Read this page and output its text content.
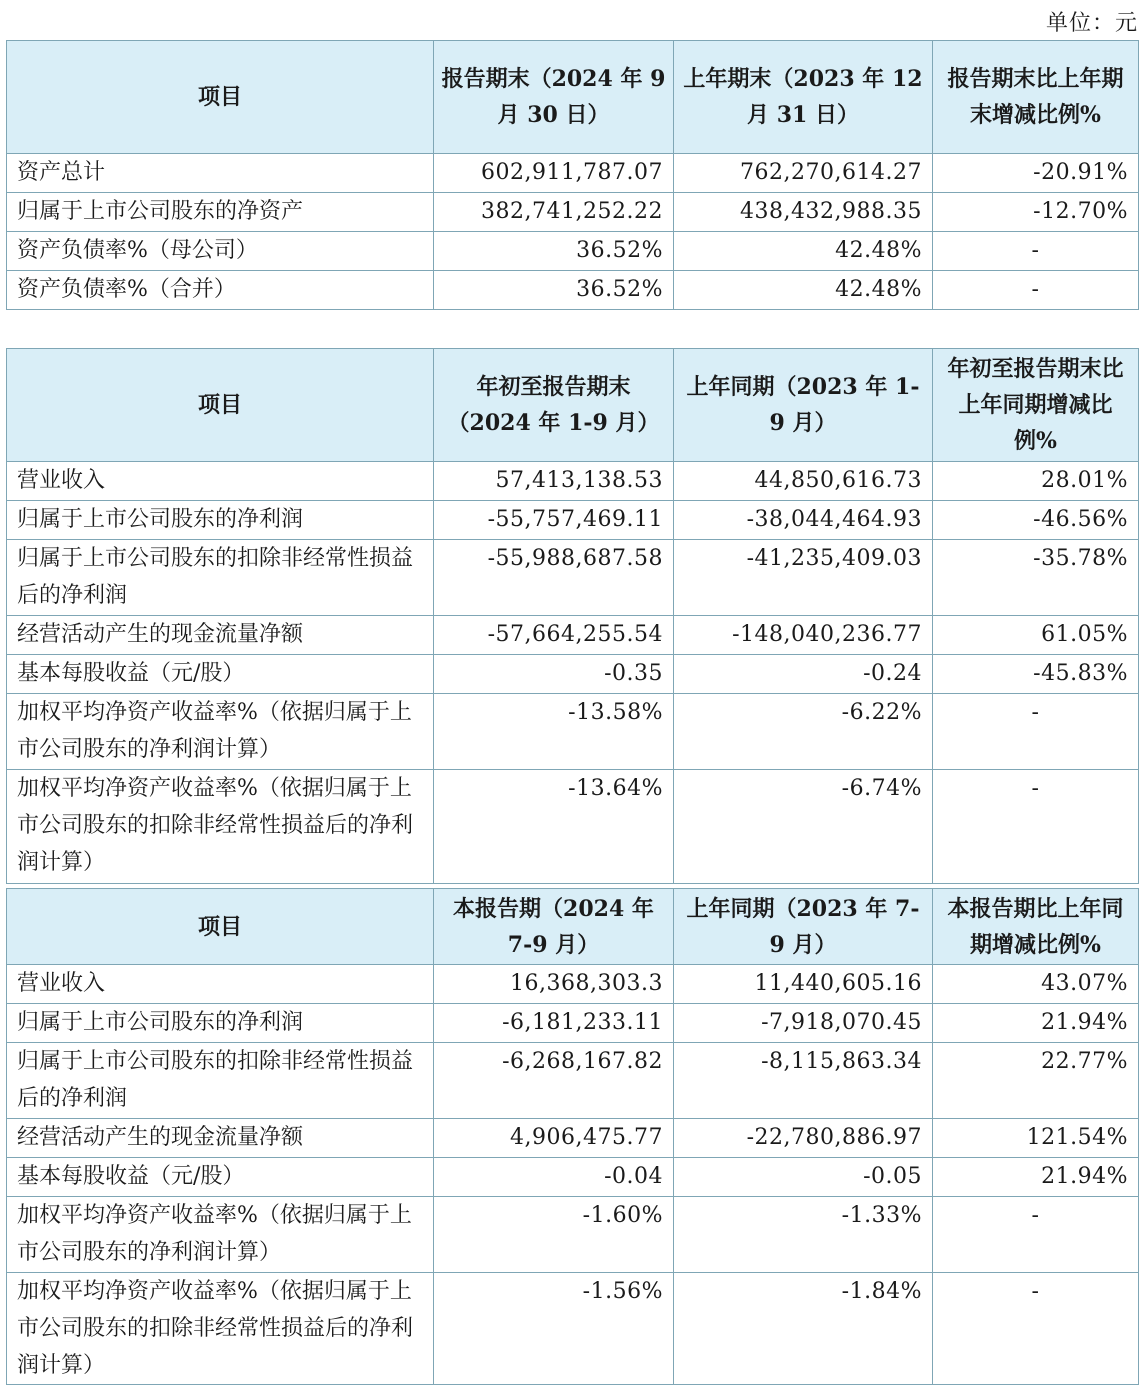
单位：元
项目	报告期末（2024 年 9 月 30 日）	上年期末（2023 年 12 月 31 日）	报告期末比上年期末增减比例%
资产总计	602,911,787.07	762,270,614.27	-20.91%
归属于上市公司股东的净资产	382,741,252.22	438,432,988.35	-12.70%
资产负债率%（母公司）	36.52%	42.48%	-
资产负债率%（合并）	36.52%	42.48%	-
项目	年初至报告期末（2024 年 1-9 月）	上年同期（2023 年 1-9 月）	年初至报告期末比上年同期增减比例%
营业收入	57,413,138.53	44,850,616.73	28.01%
归属于上市公司股东的净利润	-55,757,469.11	-38,044,464.93	-46.56%
归属于上市公司股东的扣除非经常性损益后的净利润	-55,988,687.58	-41,235,409.03	-35.78%
经营活动产生的现金流量净额	-57,664,255.54	-148,040,236.77	61.05%
基本每股收益（元/股）	-0.35	-0.24	-45.83%
加权平均净资产收益率%（依据归属于上市公司股东的净利润计算）	-13.58%	-6.22%	-
加权平均净资产收益率%（依据归属于上市公司股东的扣除非经常性损益后的净利润计算）	-13.64%	-6.74%	-
项目	本报告期（2024 年 7-9 月）	上年同期（2023 年 7-9 月）	本报告期比上年同期增减比例%
营业收入	16,368,303.3	11,440,605.16	43.07%
归属于上市公司股东的净利润	-6,181,233.11	-7,918,070.45	21.94%
归属于上市公司股东的扣除非经常性损益后的净利润	-6,268,167.82	-8,115,863.34	22.77%
经营活动产生的现金流量净额	4,906,475.77	-22,780,886.97	121.54%
基本每股收益（元/股）	-0.04	-0.05	21.94%
加权平均净资产收益率%（依据归属于上市公司股东的净利润计算）	-1.60%	-1.33%	-
加权平均净资产收益率%（依据归属于上市公司股东的扣除非经常性损益后的净利润计算）	-1.56%	-1.84%	-
